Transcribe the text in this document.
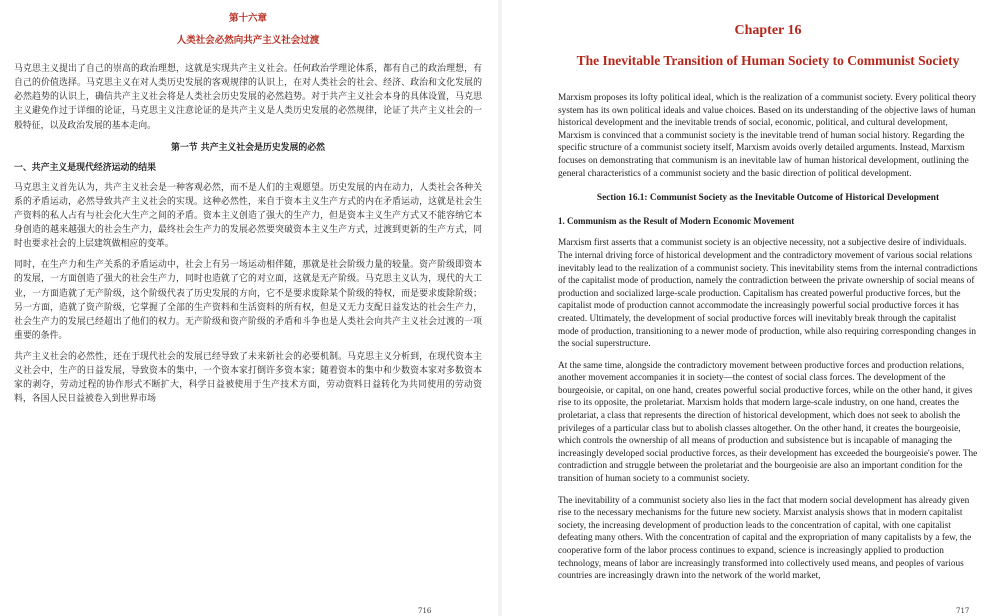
第十六章
人类社会必然向共产主义社会过渡

马克思主义提出了自己的崇高的政治理想，这就是实现共产主义社会。任何政治学理论体系，都有自己的政治理想，有自己的价值选择。马克思主义在对人类历史发展的客观规律的认识上，在对人类社会的社会、经济、政治和文化发展的必然趋势的认识上，确信共产主义社会将是人类社会历史发展的必然趋势。对于共产主义社会本身的具体设置，马克思主义避免作过于详细的论证，马克思主义注意论证的是共产主义是人类历史发展的必然规律，论证了共产主义社会的一般特征，以及政治发展的基本走向。

第一节 共产主义社会是历史发展的必然
一、共产主义是现代经济运动的结果

马克思主义首先认为，共产主义社会是一种客观必然，而不是人们的主观愿望。历史发展的内在动力，人类社会各种关系的矛盾运动，必然导致共产主义社会的实现。这种必然性，来自于资本主义生产方式的内在矛盾运动，这就是社会生产资料的私人占有与社会化大生产之间的矛盾。资本主义创造了强大的生产力，但是资本主义生产方式又不能容纳它本身创造的越来越强大的社会生产力，最终社会生产力的发展必然要突破资本主义生产方式，过渡到更新的生产方式，同时也要求社会的上层建筑做相应的变革。

同时，在生产力和生产关系的矛盾运动中，社会上有另一场运动相伴随，那就是社会阶级力量的较量。资产阶级即资本的发展，一方面创造了强大的社会生产力，同时也造就了它的对立面，这就是无产阶级。马克思主义认为，现代的大工业，一方面造就了无产阶级，这个阶级代表了历史发展的方向，它不是要求废除某个阶级的特权，而是要求废除阶级；另一方面，造就了资产阶级，它掌握了全部的生产资料和生活资料的所有权，但是又无力支配日益发达的社会生产力，社会生产力的发展已经超出了他们的权力。无产阶级和资产阶级的矛盾和斗争也是人类社会向共产主义社会过渡的一项重要的条件。

共产主义社会的必然性，还在于现代社会的发展已经导致了未来新社会的必要机制。马克思主义分析到，在现代资本主义社会中，生产的日益发展，导致资本的集中，一个资本家打倒许多资本家；随着资本的集中和少数资本家对多数资本家的剥夺，劳动过程的协作形式不断扩大，科学日益被使用于生产技术方面，劳动资料日益转化为共同使用的劳动资料，各国人民日益被卷入到世界市场

716
Chapter 16
The Inevitable Transition of Human Society to Communist Society

Marxism proposes its lofty political ideal, which is the realization of a communist society. Every political theory system has its own political ideals and value choices. Based on its understanding of the objective laws of human historical development and the inevitable trends of social, economic, political, and cultural development, Marxism is convinced that a communist society is the inevitable trend of human social history. Regarding the specific structure of a communist society itself, Marxism avoids overly detailed arguments. Instead, Marxism focuses on demonstrating that communism is an inevitable law of human historical development, outlining the general characteristics of a communist society and the basic direction of political development.

Section 16.1: Communist Society as the Inevitable Outcome of Historical Development
1. Communism as the Result of Modern Economic Movement

Marxism first asserts that a communist society is an objective necessity, not a subjective desire of individuals. The internal driving force of historical development and the contradictory movement of various social relations inevitably lead to the realization of a communist society. This inevitability stems from the internal contradictions of the capitalist mode of production, namely the contradiction between the private ownership of social means of production and socialized large-scale production. Capitalism has created powerful productive forces, but the capitalist mode of production cannot accommodate the increasingly powerful social productive forces it has created. Ultimately, the development of social productive forces will inevitably break through the capitalist mode of production, transitioning to a newer mode of production, while also requiring corresponding changes in the social superstructure.

At the same time, alongside the contradictory movement between productive forces and production relations, another movement accompanies it in society—the contest of social class forces. The development of the bourgeoisie, or capital, on one hand, creates powerful social productive forces, while on the other hand, it gives rise to its opposite, the proletariat. Marxism holds that modern large-scale industry, on one hand, creates the proletariat, a class that represents the direction of historical development, which does not seek to abolish the privileges of a particular class but to abolish classes altogether. On the other hand, it creates the bourgeoisie, which controls the ownership of all means of production and subsistence but is incapable of managing the increasingly developed social productive forces, as their development has exceeded the bourgeoisie's power. The contradiction and struggle between the proletariat and the bourgeoisie are also an important condition for the transition of human society to a communist society.

The inevitability of a communist society also lies in the fact that modern social development has already given rise to the necessary mechanisms for the future new society. Marxist analysis shows that in modern capitalist society, the increasing development of production leads to the concentration of capital, with one capitalist defeating many others. With the concentration of capital and the expropriation of many capitalists by a few, the cooperative form of the labor process continues to expand, science is increasingly applied to production technology, means of labor are increasingly transformed into collectively used means, and peoples of various countries are increasingly drawn into the network of the world market,

717
